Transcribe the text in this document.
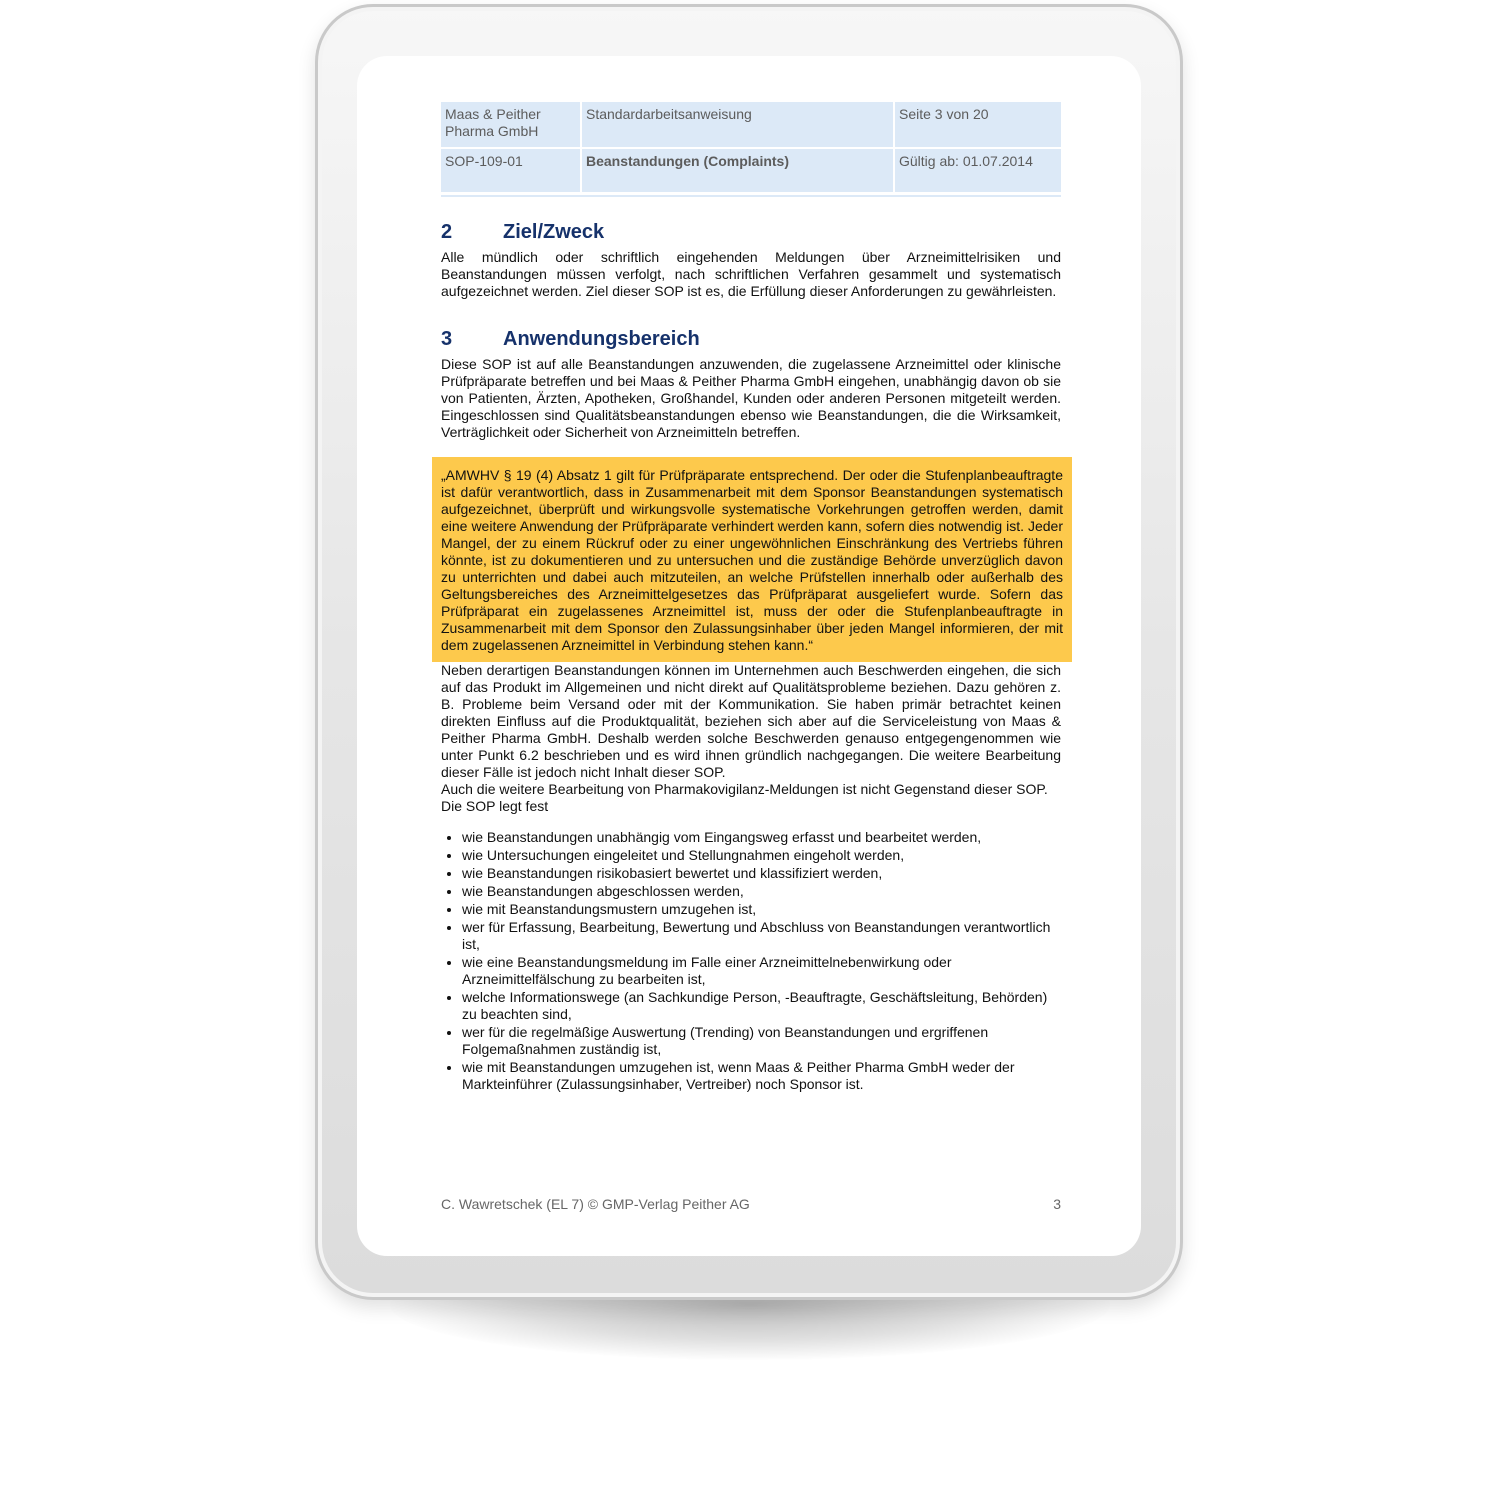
Maas & Peither Pharma GmbH	Standardarbeitsanweisung	Seite 3 von 20
SOP-109-01	Beanstandungen (Complaints)	Gültig ab: 01.07.2014
2	Ziel/Zweck

Alle mündlich oder schriftlich eingehenden Meldungen über Arzneimittelrisiken und Beanstandungen müssen verfolgt, nach schriftlichen Verfahren gesammelt und systematisch aufgezeichnet werden. Ziel dieser SOP ist es, die Erfüllung dieser Anforderungen zu gewährleisten.

3	Anwendungsbereich

Diese SOP ist auf alle Beanstandungen anzuwenden, die zugelassene Arzneimittel oder klinische Prüfpräparate betreffen und bei Maas & Peither Pharma GmbH eingehen, unabhängig davon ob sie von Patienten, Ärzten, Apotheken, Großhandel, Kunden oder anderen Personen mitgeteilt werden. Eingeschlossen sind Qualitätsbeanstandungen ebenso wie Beanstandungen, die die Wirksamkeit, Verträglichkeit oder Sicherheit von Arzneimitteln betreffen.

„AMWHV § 19 (4) Absatz 1 gilt für Prüfpräparate entsprechend. Der oder die Stufenplanbeauftragte ist dafür verantwortlich, dass in Zusammenarbeit mit dem Sponsor Beanstandungen systematisch aufgezeichnet, überprüft und wirkungsvolle systematische Vorkehrungen getroffen werden, damit eine weitere Anwendung der Prüfpräparate verhindert werden kann, sofern dies notwendig ist. Jeder Mangel, der zu einem Rückruf oder zu einer ungewöhnlichen Einschränkung des Vertriebs führen könnte, ist zu dokumentieren und zu untersuchen und die zuständige Behörde unverzüglich davon zu unterrichten und dabei auch mitzuteilen, an welche Prüfstellen innerhalb oder außerhalb des Geltungsbereiches des Arzneimittelgesetzes das Prüfpräparat ausgeliefert wurde. Sofern das Prüfpräparat ein zugelassenes Arzneimittel ist, muss der oder die Stufenplanbeauftragte in Zusammenarbeit mit dem Sponsor den Zulassungsinhaber über jeden Mangel informieren, der mit dem zugelassenen Arzneimittel in Verbindung stehen kann.“

Neben derartigen Beanstandungen können im Unternehmen auch Beschwerden eingehen, die sich auf das Produkt im Allgemeinen und nicht direkt auf Qualitätsprobleme beziehen. Dazu gehören z. B. Probleme beim Versand oder mit der Kommunikation. Sie haben primär betrachtet keinen direkten Einfluss auf die Produktqualität, beziehen sich aber auf die Serviceleistung von Maas & Peither Pharma GmbH. Deshalb werden solche Beschwerden genauso entgegengenommen wie unter Punkt 6.2 beschrieben und es wird ihnen gründlich nachgegangen. Die weitere Bearbeitung dieser Fälle ist jedoch nicht Inhalt dieser SOP.

Auch die weitere Bearbeitung von Pharmakovigilanz-Meldungen ist nicht Gegenstand dieser SOP.

Die SOP legt fest

• wie Beanstandungen unabhängig vom Eingangsweg erfasst und bearbeitet werden,
• wie Untersuchungen eingeleitet und Stellungnahmen eingeholt werden,
• wie Beanstandungen risikobasiert bewertet und klassifiziert werden,
• wie Beanstandungen abgeschlossen werden,
• wie mit Beanstandungsmustern umzugehen ist,
• wer für Erfassung, Bearbeitung, Bewertung und Abschluss von Beanstandungen verantwortlich ist,
• wie eine Beanstandungsmeldung im Falle einer Arzneimittelnebenwirkung oder Arzneimittelfälschung zu bearbeiten ist,
• welche Informationswege (an Sachkundige Person, -Beauftragte, Geschäftsleitung, Behörden) zu beachten sind,
• wer für die regelmäßige Auswertung (Trending) von Beanstandungen und ergriffenen Folgemaßnahmen zuständig ist,
• wie mit Beanstandungen umzugehen ist, wenn Maas & Peither Pharma GmbH weder der Markteinführer (Zulassungsinhaber, Vertreiber) noch Sponsor ist.
C. Wawretschek (EL 7) © GMP-Verlag Peither AG	3
